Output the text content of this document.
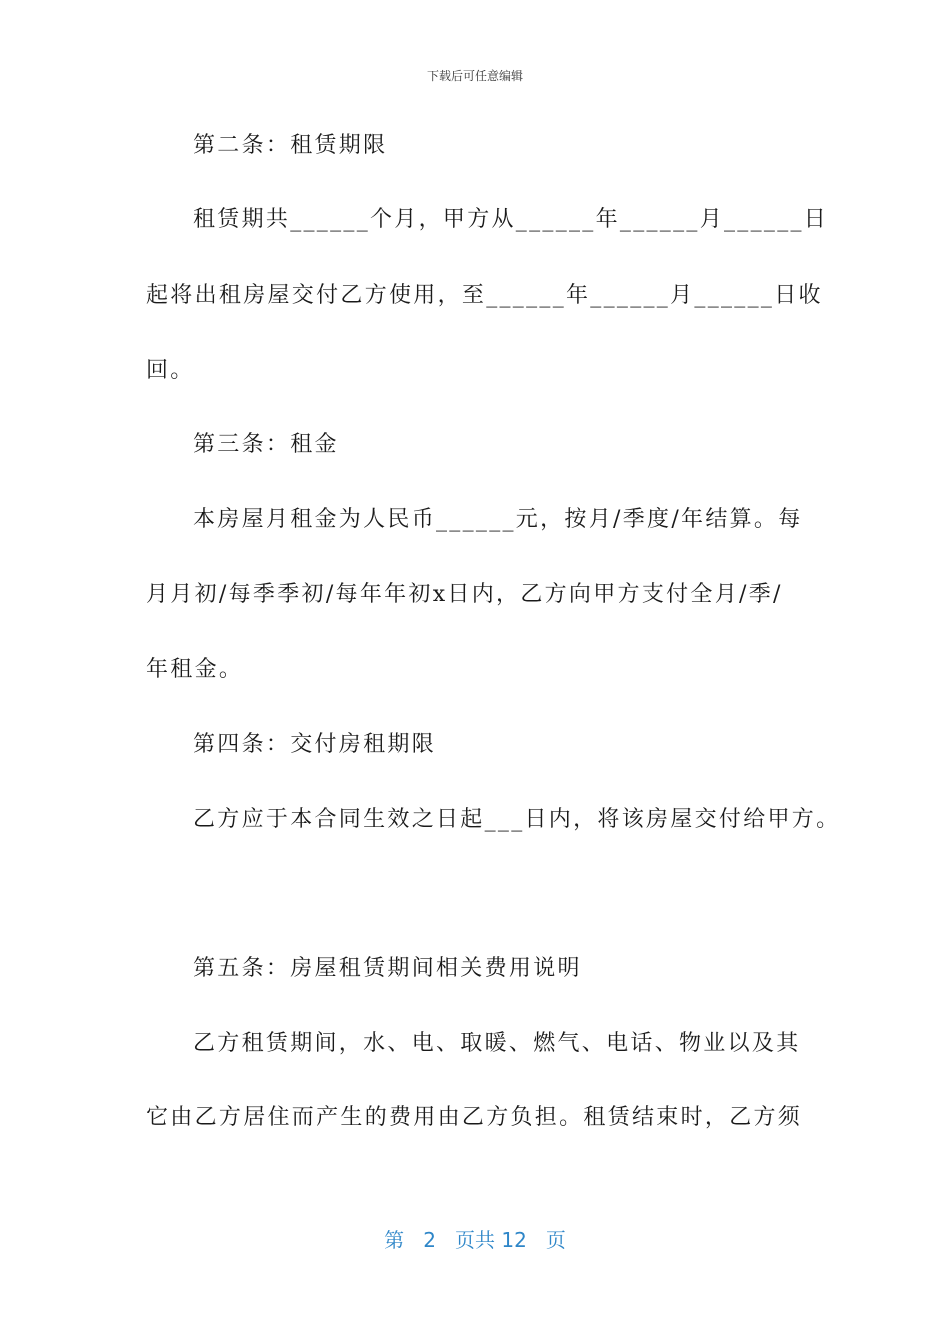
下载后可任意编辑
第二条：租赁期限
租赁期共______个月，甲方从______年______月______日
起将出租房屋交付乙方使用，至______年______月______日收
回。
第三条：租金
本房屋月租金为人民币______元，按月/季度/年结算。每
月月初/每季季初/每年年初x日内，乙方向甲方支付全月/季/
年租金。
第四条：交付房租期限
乙方应于本合同生效之日起___日内，将该房屋交付给甲方。
第五条：房屋租赁期间相关费用说明
乙方租赁期间，水、电、取暖、燃气、电话、物业以及其
它由乙方居住而产生的费用由乙方负担。租赁结束时，乙方须
第 2 页共 12 页
